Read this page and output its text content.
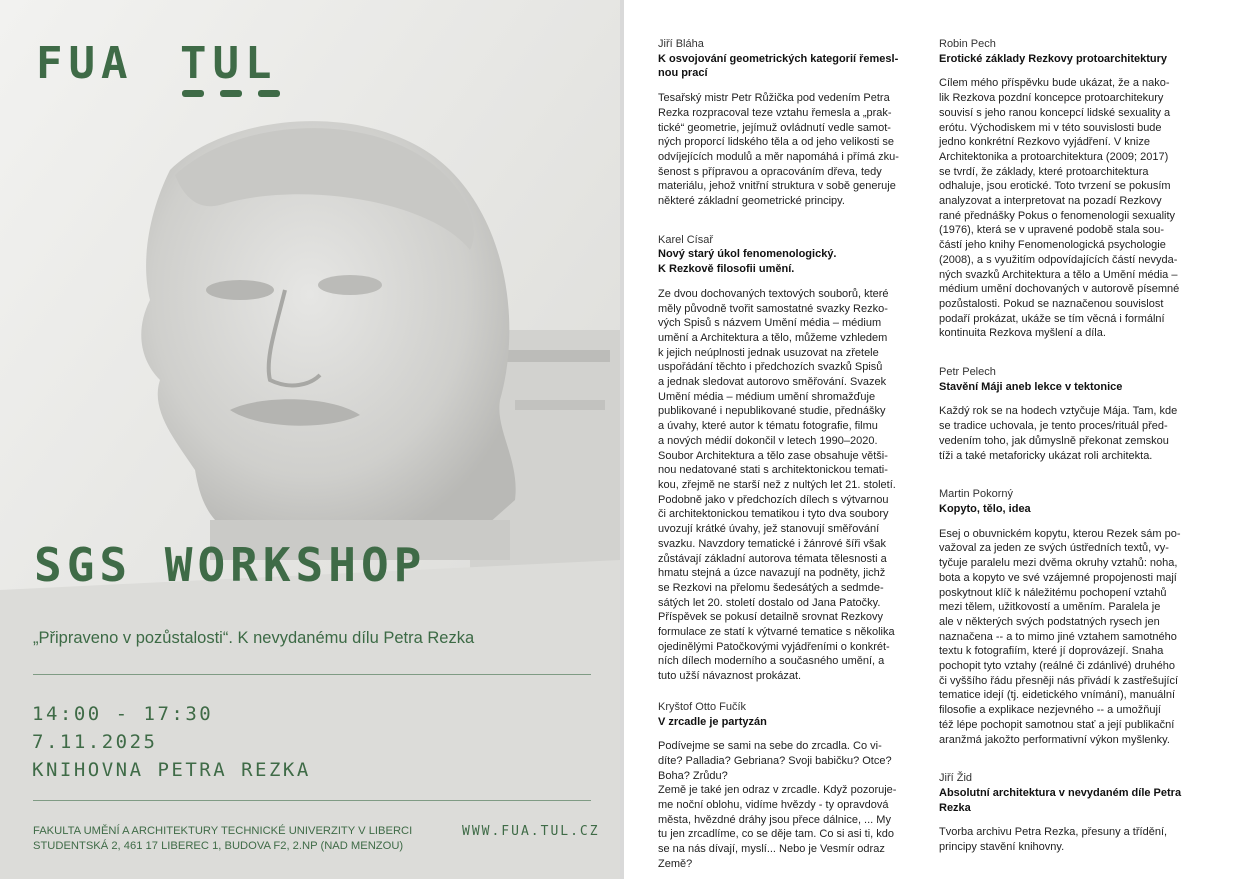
FUA TUL
SGS WORKSHOP
„Připraveno v pozůstalosti“. K nevydanému dílu Petra Rezka
14:00 - 17:30
7.11.2025
KNIHOVNA PETRA REZKA
FAKULTA UMĚNÍ A ARCHITEKTURY TECHNICKÉ UNIVERZITY V LIBERCI
STUDENTSKÁ 2, 461 17 LIBEREC 1, BUDOVA F2, 2.NP (NAD MENZOU)
WWW.FUA.TUL.CZ
Jiří Bláha
K osvojování geometrických kategorií řemesl-
nou prací
Tesařský mistr Petr Růžička pod vedením Petra
Rezka rozpracoval teze vztahu řemesla a „prak-
tické“ geometrie, jejímuž ovládnutí vedle samot-
ných proporcí lidského těla a od jeho velikosti se
odvíjejících modulů a měr napomáhá i přímá zku-
šenost s přípravou a opracováním dřeva, tedy
materiálu, jehož vnitřní struktura v sobě generuje
některé základní geometrické principy.
Karel Císař
Nový starý úkol fenomenologický.
K Rezkově filosofii umění.
Ze dvou dochovaných textových souborů, které
měly původně tvořit samostatné svazky Rezko-
vých Spisů s názvem Umění média – médium
umění a Architektura a tělo, můžeme vzhledem
k jejich neúplnosti jednak usuzovat na zřetele
uspořádání těchto i předchozích svazků Spisů
a jednak sledovat autorovo směřování. Svazek
Umění média – médium umění shromažďuje
publikované i nepublikované studie, přednášky
a úvahy, které autor k tématu fotografie, filmu
a nových médií dokončil v letech 1990–2020.
Soubor Architektura a tělo zase obsahuje větši-
nou nedatované stati s architektonickou temati-
kou, zřejmě ne starší než z nultých let 21. století.
Podobně jako v předchozích dílech s výtvarnou
či architektonickou tematikou i tyto dva soubory
uvozují krátké úvahy, jež stanovují směřování
svazku. Navzdory tematické i žánrové šíři však
zůstávají základní autorova témata tělesnosti a
hmatu stejná a úzce navazují na podněty, jichž
se Rezkovi na přelomu šedesátých a sedmde-
sátých let 20. století dostalo od Jana Patočky.
Příspěvek se pokusí detailně srovnat Rezkovy
formulace ze statí k výtvarné tematice s několika
ojedinělými Patočkovými vyjádřeními o konkrét-
ních dílech moderního a současného umění, a
tuto užší návaznost prokázat.
Kryštof Otto Fučík
V zrcadle je partyzán
Podívejme se sami na sebe do zrcadla. Co vi-
díte? Palladia? Gebriana? Svoji babičku? Otce?
Boha? Zrůdu?
Země je také jen odraz v zrcadle. Když pozoruje-
me noční oblohu, vidíme hvězdy - ty opravdová
města, hvězdné dráhy jsou přece dálnice, ... My
tu jen zrcadlíme, co se děje tam. Co si asi ti, kdo
se na nás dívají, myslí... Nebo je Vesmír odraz
Země?
Robin Pech
Erotické základy Rezkovy protoarchitektury
Cílem mého příspěvku bude ukázat, že a nako-
lik Rezkova pozdní koncepce protoarchitekury
souvisí s jeho ranou koncepcí lidské sexuality a
erótu. Východiskem mi v této souvislosti bude
jedno konkrétní Rezkovo vyjádření. V knize
Architektonika a protoarchitektura (2009; 2017)
se tvrdí, že základy, které protoarchitektura
odhaluje, jsou erotické. Toto tvrzení se pokusím
analyzovat a interpretovat na pozadí Rezkovy
rané přednášky Pokus o fenomenologii sexuality
(1976), která se v upravené podobě stala sou-
částí jeho knihy Fenomenologická psychologie
(2008), a s využitím odpovídajících částí nevyda-
ných svazků Architektura a tělo a Umění média –
médium umění dochovaných v autorově písemné
pozůstalosti. Pokud se naznačenou souvislost
podaří prokázat, ukáže se tím věcná i formální
kontinuita Rezkova myšlení a díla.
Petr Pelech
Stavění Máji aneb lekce v tektonice
Každý rok se na hodech vztyčuje Mája. Tam, kde
se tradice uchovala, je tento proces/rituál před-
vedením toho, jak důmyslně překonat zemskou
tíži a také metaforicky ukázat roli architekta.
Martin Pokorný
Kopyto, tělo, idea
Esej o obuvnickém kopytu, kterou Rezek sám po-
važoval za jeden ze svých ústředních textů, vy-
tyčuje paralelu mezi dvěma okruhy vztahů: noha,
bota a kopyto ve své vzájemné propojenosti mají
poskytnout klíč k náležitému pochopení vztahů
mezi tělem, užitkovostí a uměním. Paralela je
ale v některých svých podstatných rysech jen
naznačena -- a to mimo jiné vztahem samotného
textu k fotografiím, které jí doprovázejí. Snaha
pochopit tyto vztahy (reálné či zdánlivé) druhého
či vyššího řádu přesněji nás přivádí k zastřešující
tematice idejí (tj. eidetického vnímání), manuální
filosofie a explikace nezjevného -- a umožňují
též lépe pochopit samotnou stať a její publikační
aranžmá jakožto performativní výkon myšlenky.
Jiří Žid
Absolutní architektura v nevydaném díle Petra
Rezka
Tvorba archivu Petra Rezka, přesuny a třídění,
principy stavění knihovny.
